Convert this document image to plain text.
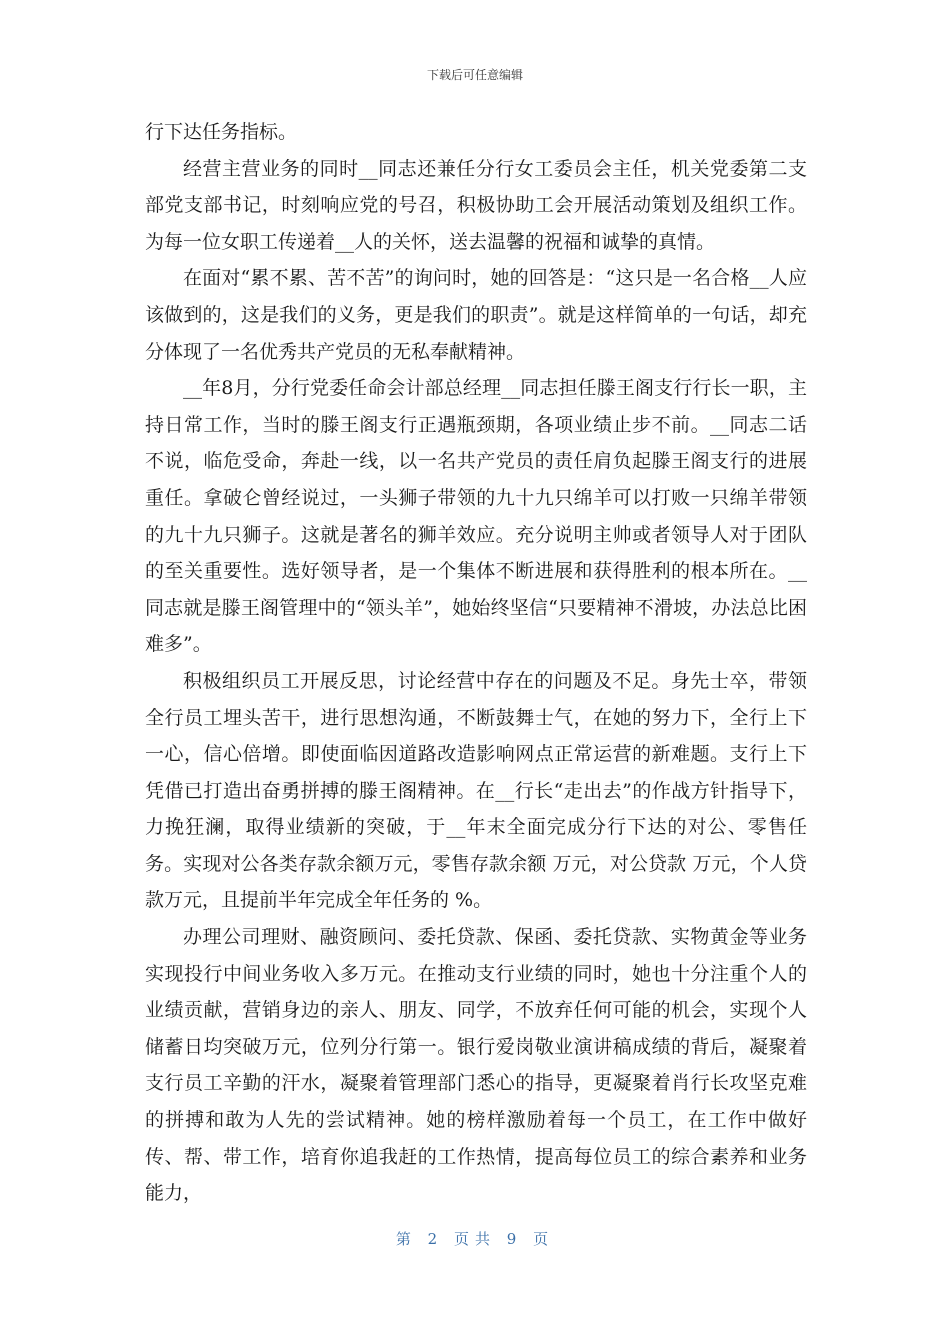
下载后可任意编辑

行下达任务指标。

经营主营业务的同时__同志还兼任分行女工委员会主任，机关党委第二支部党支部书记，时刻响应党的号召，积极协助工会开展活动策划及组织工作。为每一位女职工传递着__人的关怀，送去温馨的祝福和诚挚的真情。

在面对“累不累、苦不苦”的询问时，她的回答是：“这只是一名合格__人应该做到的，这是我们的义务，更是我们的职责”。就是这样简单的一句话，却充分体现了一名优秀共产党员的无私奉献精神。

__年8月，分行党委任命会计部总经理__同志担任滕王阁支行行长一职，主持日常工作，当时的滕王阁支行正遇瓶颈期，各项业绩止步不前。__同志二话不说，临危受命，奔赴一线，以一名共产党员的责任肩负起滕王阁支行的进展重任。拿破仑曾经说过，一头狮子带领的九十九只绵羊可以打败一只绵羊带领的九十九只狮子。这就是著名的狮羊效应。充分说明主帅或者领导人对于团队的至关重要性。选好领导者，是一个集体不断进展和获得胜利的根本所在。__同志就是滕王阁管理中的“领头羊”，她始终坚信“只要精神不滑坡，办法总比困难多”。

积极组织员工开展反思，讨论经营中存在的问题及不足。身先士卒，带领全行员工埋头苦干，进行思想沟通，不断鼓舞士气，在她的努力下，全行上下一心，信心倍增。即使面临因道路改造影响网点正常运营的新难题。支行上下凭借已打造出奋勇拼搏的滕王阁精神。在__行长“走出去”的作战方针指导下，力挽狂澜，取得业绩新的突破，于__年末全面完成分行下达的对公、零售任务。实现对公各类存款余额万元，零售存款余额 万元，对公贷款 万元，个人贷款万元，且提前半年完成全年任务的 %。

办理公司理财、融资顾问、委托贷款、保函、委托贷款、实物黄金等业务实现投行中间业务收入多万元。在推动支行业绩的同时，她也十分注重个人的业绩贡献，营销身边的亲人、朋友、同学，不放弃任何可能的机会，实现个人储蓄日均突破万元，位列分行第一。银行爱岗敬业演讲稿成绩的背后，凝聚着支行员工辛勤的汗水，凝聚着管理部门悉心的指导，更凝聚着肖行长攻坚克难的拼搏和敢为人先的尝试精神。她的榜样激励着每一个员工，在工作中做好传、帮、带工作，培育你追我赶的工作热情，提高每位员工的综合素养和业务能力，

第 2 页共 9 页
